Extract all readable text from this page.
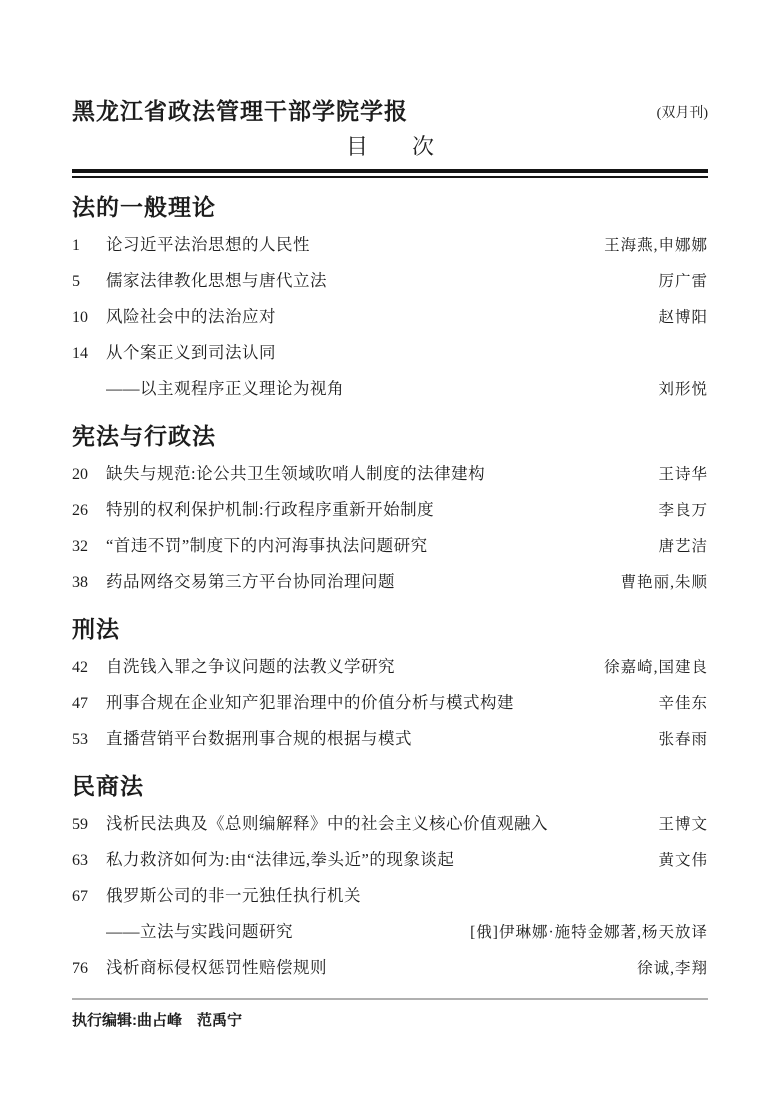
黑龙江省政法管理干部学院学报	(双月刊)
目　　次
法的一般理论
1	论习近平法治思想的人民性	王海燕,申娜娜
5	儒家法律教化思想与唐代立法	厉广雷
10	风险社会中的法治应对	赵博阳
14	从个案正义到司法认同
——以主观程序正义理论为视角	刘形悦
宪法与行政法
20	缺失与规范:论公共卫生领域吹哨人制度的法律建构	王诗华
26	特别的权利保护机制:行政程序重新开始制度	李良万
32	“首违不罚”制度下的内河海事执法问题研究	唐艺洁
38	药品网络交易第三方平台协同治理问题	曹艳丽,朱顺
刑法
42	自洗钱入罪之争议问题的法教义学研究	徐嘉崎,国建良
47	刑事合规在企业知产犯罪治理中的价值分析与模式构建	辛佳东
53	直播营销平台数据刑事合规的根据与模式	张春雨
民商法
59	浅析民法典及《总则编解释》中的社会主义核心价值观融入	王博文
63	私力救济如何为:由“法律远,拳头近”的现象谈起	黄文伟
67	俄罗斯公司的非一元独任执行机关
——立法与实践问题研究	[俄]伊琳娜·施特金娜著,杨天放译
76	浅析商标侵权惩罚性赔偿规则	徐诚,李翔
执行编辑:曲占峰　范禹宁
